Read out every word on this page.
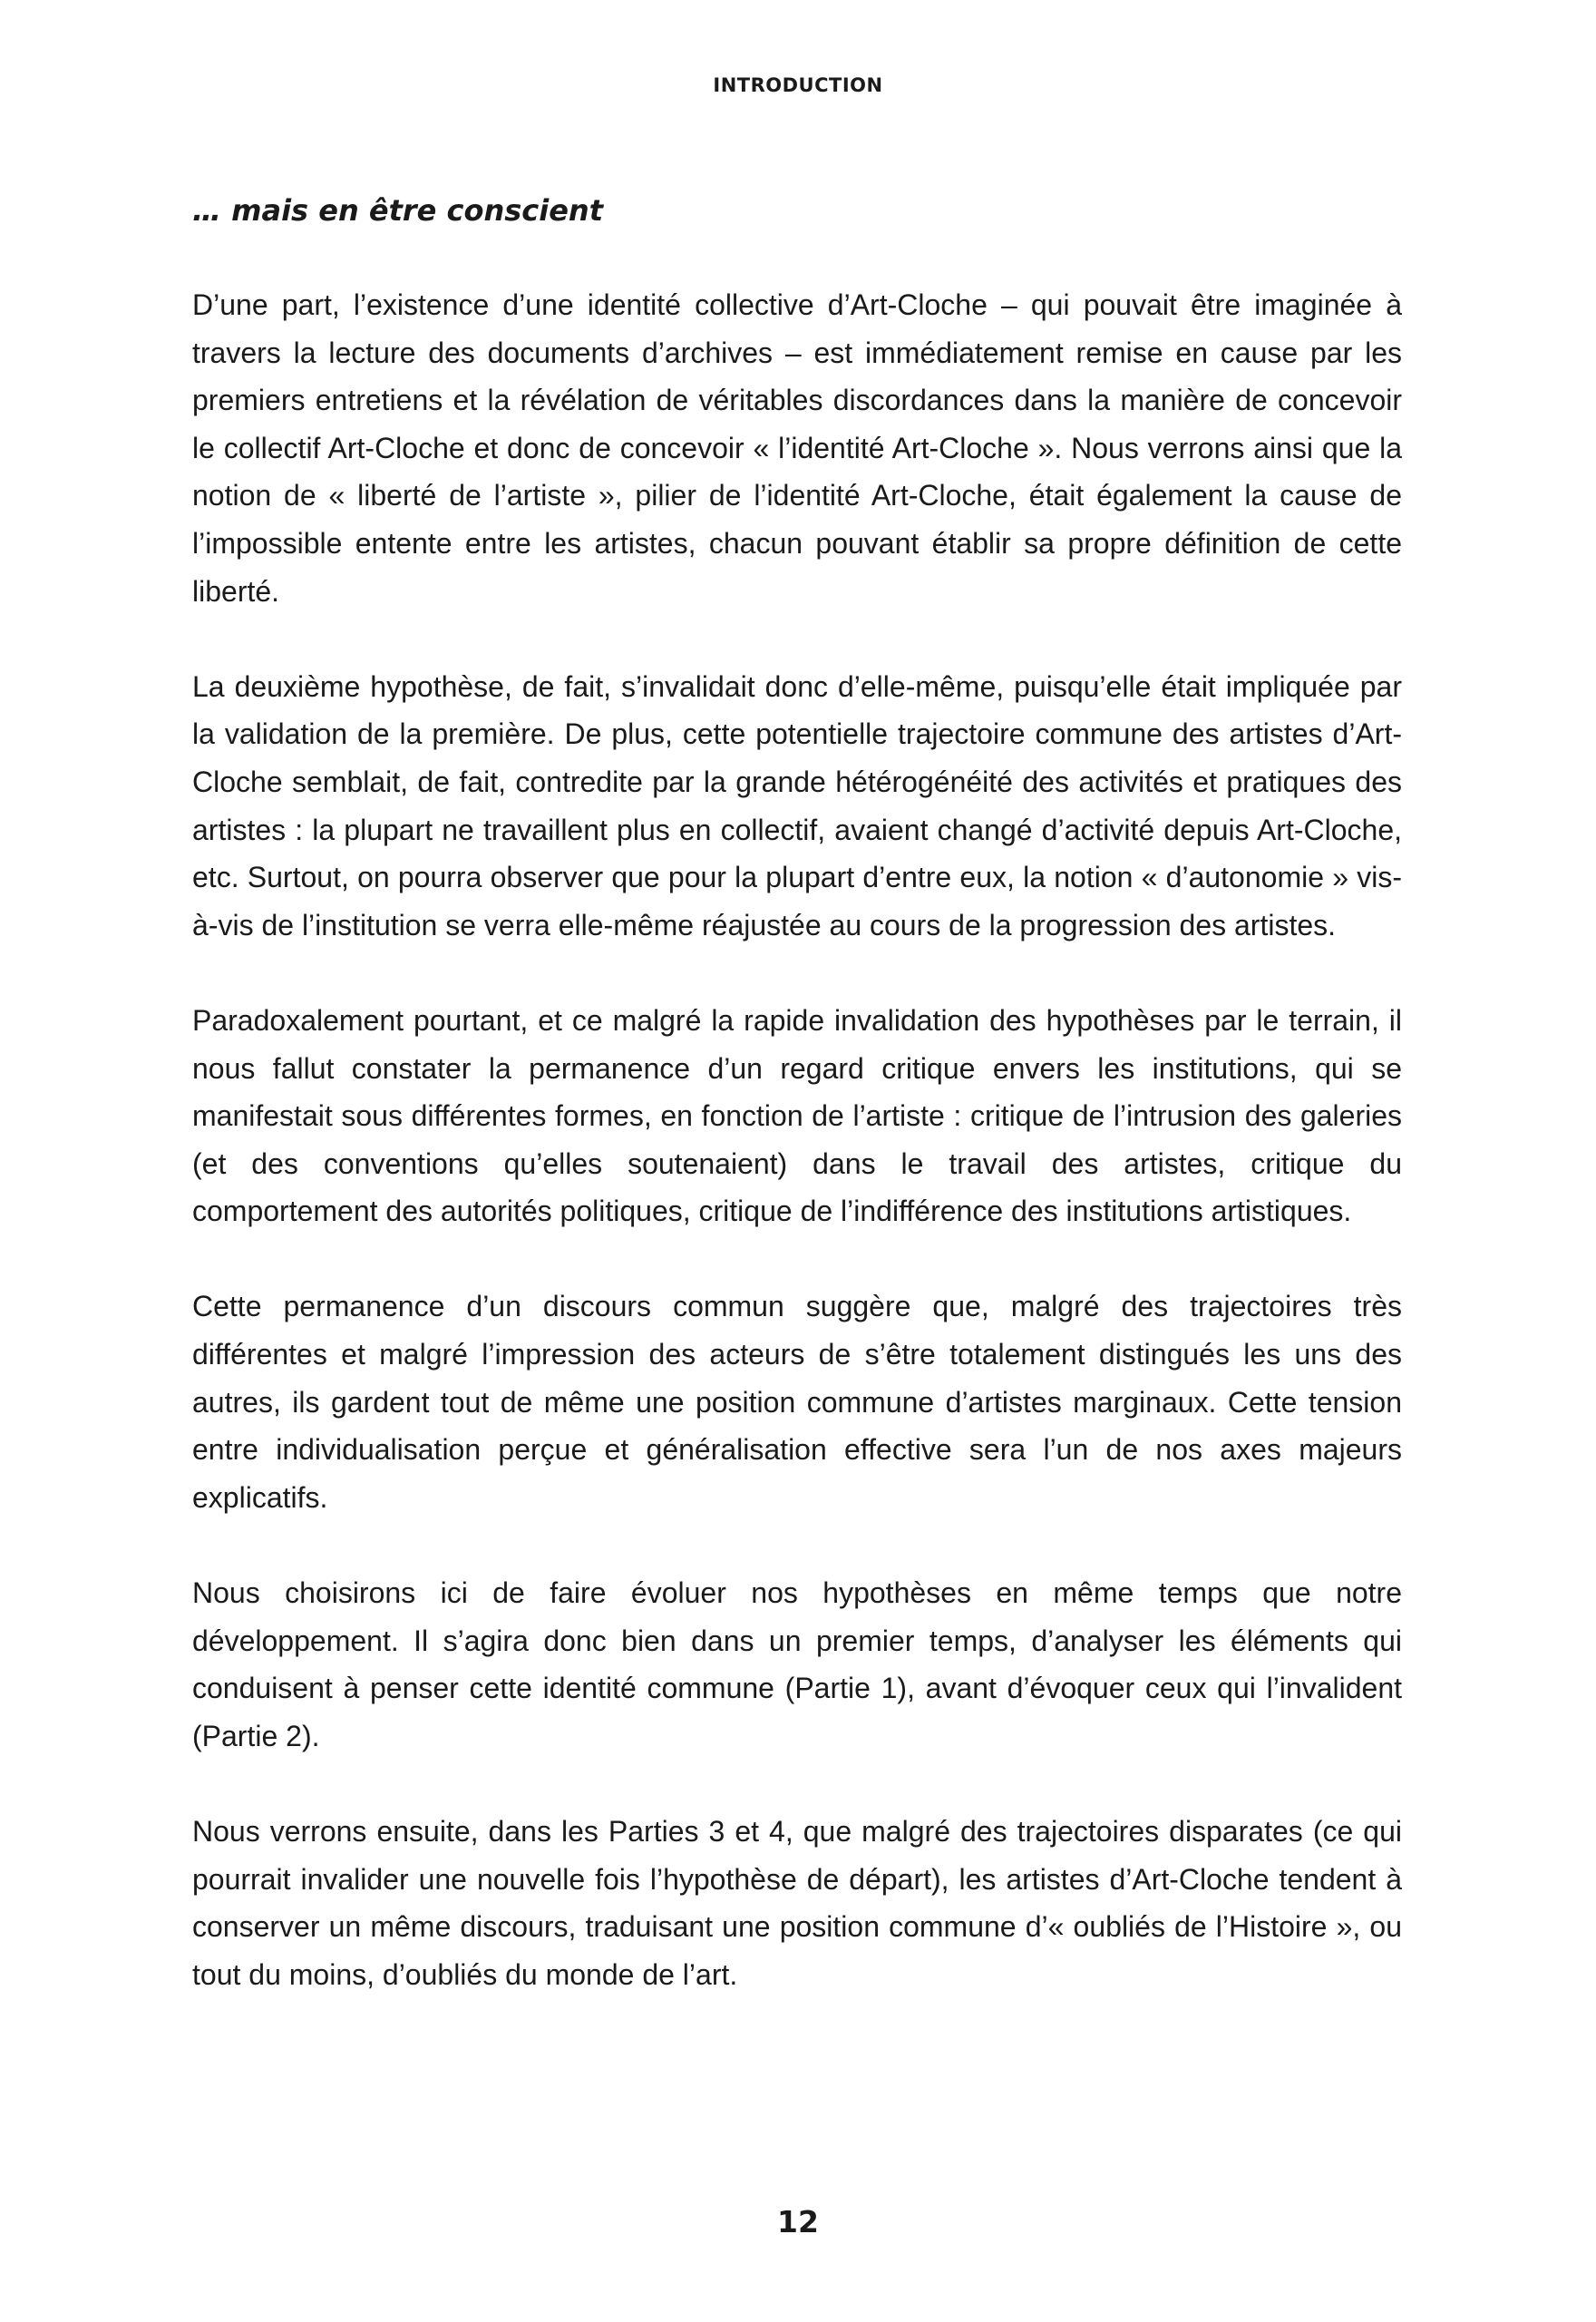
INTRODUCTION
… mais en être conscient

D’une part, l’existence d’une identité collective d’Art-Cloche – qui pouvait être imaginée à travers la lecture des documents d’archives – est immédiatement remise en cause par les premiers entretiens et la révélation de véritables discordances dans la manière de concevoir le collectif Art-Cloche et donc de concevoir « l’identité Art-Cloche ». Nous verrons ainsi que la notion de « liberté de l’artiste », pilier de l’identité Art-Cloche, était également la cause de l’impossible entente entre les artistes, chacun pouvant établir sa propre définition de cette liberté.

La deuxième hypothèse, de fait, s’invalidait donc d’elle-même, puisqu’elle était impliquée par la validation de la première. De plus, cette potentielle trajectoire commune des artistes d’Art-Cloche semblait, de fait, contredite par la grande hétérogénéité des activités et pratiques des artistes : la plupart ne travaillent plus en collectif, avaient changé d’activité depuis Art-Cloche, etc. Surtout, on pourra observer que pour la plupart d’entre eux, la notion « d’autonomie » vis-à-vis de l’institution se verra elle-même réajustée au cours de la progression des artistes.

Paradoxalement pourtant, et ce malgré la rapide invalidation des hypothèses par le terrain, il nous fallut constater la permanence d’un regard critique envers les institutions, qui se manifestait sous différentes formes, en fonction de l’artiste : critique de l’intrusion des galeries (et des conventions qu’elles soutenaient) dans le travail des artistes, critique du comportement des autorités politiques, critique de l’indifférence des institutions artistiques.

Cette permanence d’un discours commun suggère que, malgré des trajectoires très différentes et malgré l’impression des acteurs de s’être totalement distingués les uns des autres, ils gardent tout de même une position commune d’artistes marginaux. Cette tension entre individualisation perçue et généralisation effective sera l’un de nos axes majeurs explicatifs.

Nous choisirons ici de faire évoluer nos hypothèses en même temps que notre développement. Il s’agira donc bien dans un premier temps, d’analyser les éléments qui conduisent à penser cette identité commune (Partie 1), avant d’évoquer ceux qui l’invalident (Partie 2).

Nous verrons ensuite, dans les Parties 3 et 4, que malgré des trajectoires disparates (ce qui pourrait invalider une nouvelle fois l’hypothèse de départ), les artistes d’Art-Cloche tendent à conserver un même discours, traduisant une position commune d’« oubliés de l’Histoire », ou tout du moins, d’oubliés du monde de l’art.

12
